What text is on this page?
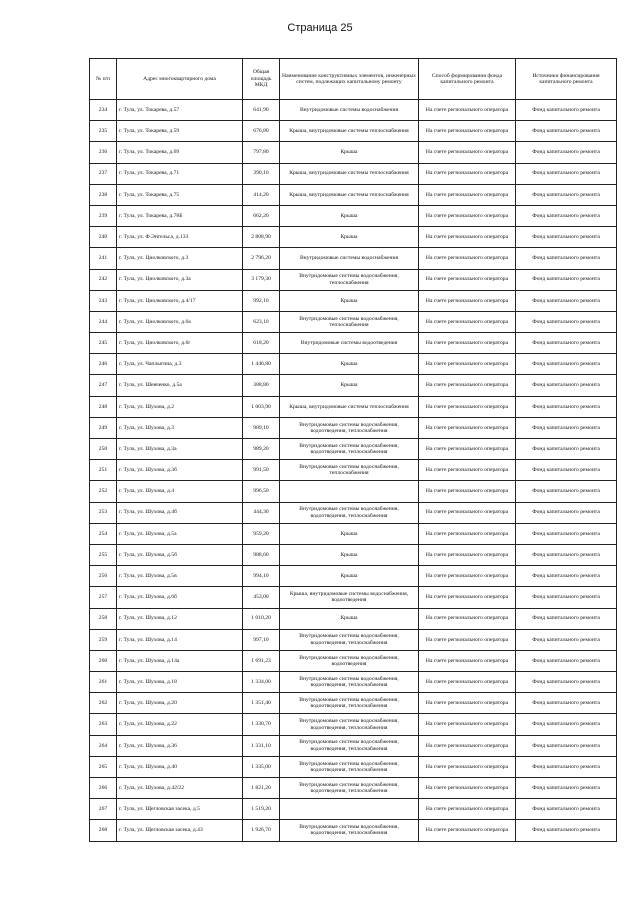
Страница 25
№ п/п	Адрес многоквартирного дома	Общая площадь МКД	Наименование конструктивных элементов, инженерных систем, подлежащих капитальному ремонту	Способ формирования фонда капитального ремонта	Источники финансирования капитального ремонта
234	г. Тула, ул. Токарева, д.57	641,90	Внутридомовые системы водоснабжения	На счете регионального оператора	Фонд капитального ремонта
235	г. Тула, ул. Токарева, д.59	676,80	Крыша, внутридомовые системы теплоснабжения	На счете регионального оператора	Фонд капитального ремонта
236	г. Тула, ул. Токарева, д.69	797,80	Крыша	На счете регионального оператора	Фонд капитального ремонта
237	г. Тула, ул. Токарева, д.71	390,10	Крыша, внутридомовые системы теплоснабжения	На счете регионального оператора	Фонд капитального ремонта
238	г. Тула, ул. Токарева, д.75	414,20	Крыша, внутридомовые системы теплоснабжения	На счете регионального оператора	Фонд капитального ремонта
239	г. Тула, ул. Токарева, д.78Б	662,20	Крыша	На счете регионального оператора	Фонд капитального ремонта
240	г. Тула, ул. Ф.Энгельса, д.133	2 808,90	Крыша	На счете регионального оператора	Фонд капитального ремонта
241	г. Тула, ул. Циолковского, д.3	2 796,20	Внутридомовые системы водоснабжения	На счете регионального оператора	Фонд капитального ремонта
242	г. Тула, ул. Циолковского, д.3а	3 179,30	Внутридомовые системы водоснабжения, теплоснабжения	На счете регионального оператора	Фонд капитального ремонта
243	г. Тула, ул. Циолковского, д.4/17	992,10	Крыша	На счете регионального оператора	Фонд капитального ремонта
244	г. Тула, ул. Циолковского, д.6а	623,10	Внутридомовые системы водоснабжения, теплоснабжения	На счете регионального оператора	Фонд капитального ремонта
245	г. Тула, ул. Циолковского, д.6г	618,20	Внутридомовые системы водоотведения	На счете регионального оператора	Фонд капитального ремонта
246	г. Тула, ул. Чаплыгина, д.3	1 446,80	Крыша	На счете регионального оператора	Фонд капитального ремонта
247	г. Тула, ул. Шевченко, д.5а	388,80	Крыша	На счете регионального оператора	Фонд капитального ремонта
248	г. Тула, ул. Шухова, д.2	1 003,90	Крыша, внутридомовые системы теплоснабжения	На счете регионального оператора	Фонд капитального ремонта
249	г. Тула, ул. Шухова, д.3	989,10	Внутридомовые системы водоснабжения, водоотведения, теплоснабжения	На счете регионального оператора	Фонд капитального ремонта
250	г. Тула, ул. Шухова, д.3а	989,20	Внутридомовые системы водоснабжения, водоотведения, теплоснабжения	На счете регионального оператора	Фонд капитального ремонта
251	г. Тула, ул. Шухова, д.3б	991,50	Внутридомовые системы водоснабжения, теплоснабжения	На счете регионального оператора	Фонд капитального ремонта
252	г. Тула, ул. Шухова, д.4	996,50		На счете регионального оператора	Фонд капитального ремонта
253	г. Тула, ул. Шухова, д.4б	444,30	Внутридомовые системы водоснабжения, водоотведения, теплоснабжения	На счете регионального оператора	Фонд капитального ремонта
254	г. Тула, ул. Шухова, д.5а	959,20	Крыша	На счете регионального оператора	Фонд капитального ремонта
255	г. Тула, ул. Шухова, д.5б	988,60	Крыша	На счете регионального оператора	Фонд капитального ремонта
256	г. Тула, ул. Шухова, д.5в	994,10	Крыша	На счете регионального оператора	Фонд капитального ремонта
257	г. Тула, ул. Шухова, д.6б	453,00	Крыша, внутридомовые системы водоснабжения, водоотведения	На счете регионального оператора	Фонд капитального ремонта
258	г. Тула, ул. Шухова, д.12	1 010,20	Крыша	На счете регионального оператора	Фонд капитального ремонта
259	г. Тула, ул. Шухова, д.14	997,10	Внутридомовые системы водоснабжения, водоотведения, теплоснабжения	На счете регионального оператора	Фонд капитального ремонта
260	г. Тула, ул. Шухова, д.14а	1 691,23	Внутридомовые системы водоснабжения, водоотведения	На счете регионального оператора	Фонд капитального ремонта
261	г. Тула, ул. Шухова, д.18	1 334,00	Внутридомовые системы водоснабжения, водоотведения, теплоснабжения	На счете регионального оператора	Фонд капитального ремонта
262	г. Тула, ул. Шухова, д.20	1 351,40	Внутридомовые системы водоснабжения, водоотведения, теплоснабжения	На счете регионального оператора	Фонд капитального ремонта
263	г. Тула, ул. Шухова, д.22	1 330,70	Внутридомовые системы водоснабжения, водоотведения, теплоснабжения	На счете регионального оператора	Фонд капитального ремонта
264	г. Тула, ул. Шухова, д.36	1 331,10	Внутридомовые системы водоснабжения, водоотведения, теплоснабжения	На счете регионального оператора	Фонд капитального ремонта
265	г. Тула, ул. Шухова, д.40	1 335,00	Внутридомовые системы водоснабжения, водоотведения, теплоснабжения	На счете регионального оператора	Фонд капитального ремонта
266	г. Тула, ул. Шухова, д.42/22	1 821,20	Внутридомовые системы водоснабжения, водоотведения, теплоснабжения	На счете регионального оператора	Фонд капитального ремонта
267	г. Тула, ул. Щегловская засека, д.5	1 519,20		На счете регионального оператора	Фонд капитального ремонта
268	г. Тула, ул. Щегловская засека, д.43	1 926,70	Внутридомовые системы водоснабжения, водоотведения, теплоснабжения	На счете регионального оператора	Фонд капитального ремонта
